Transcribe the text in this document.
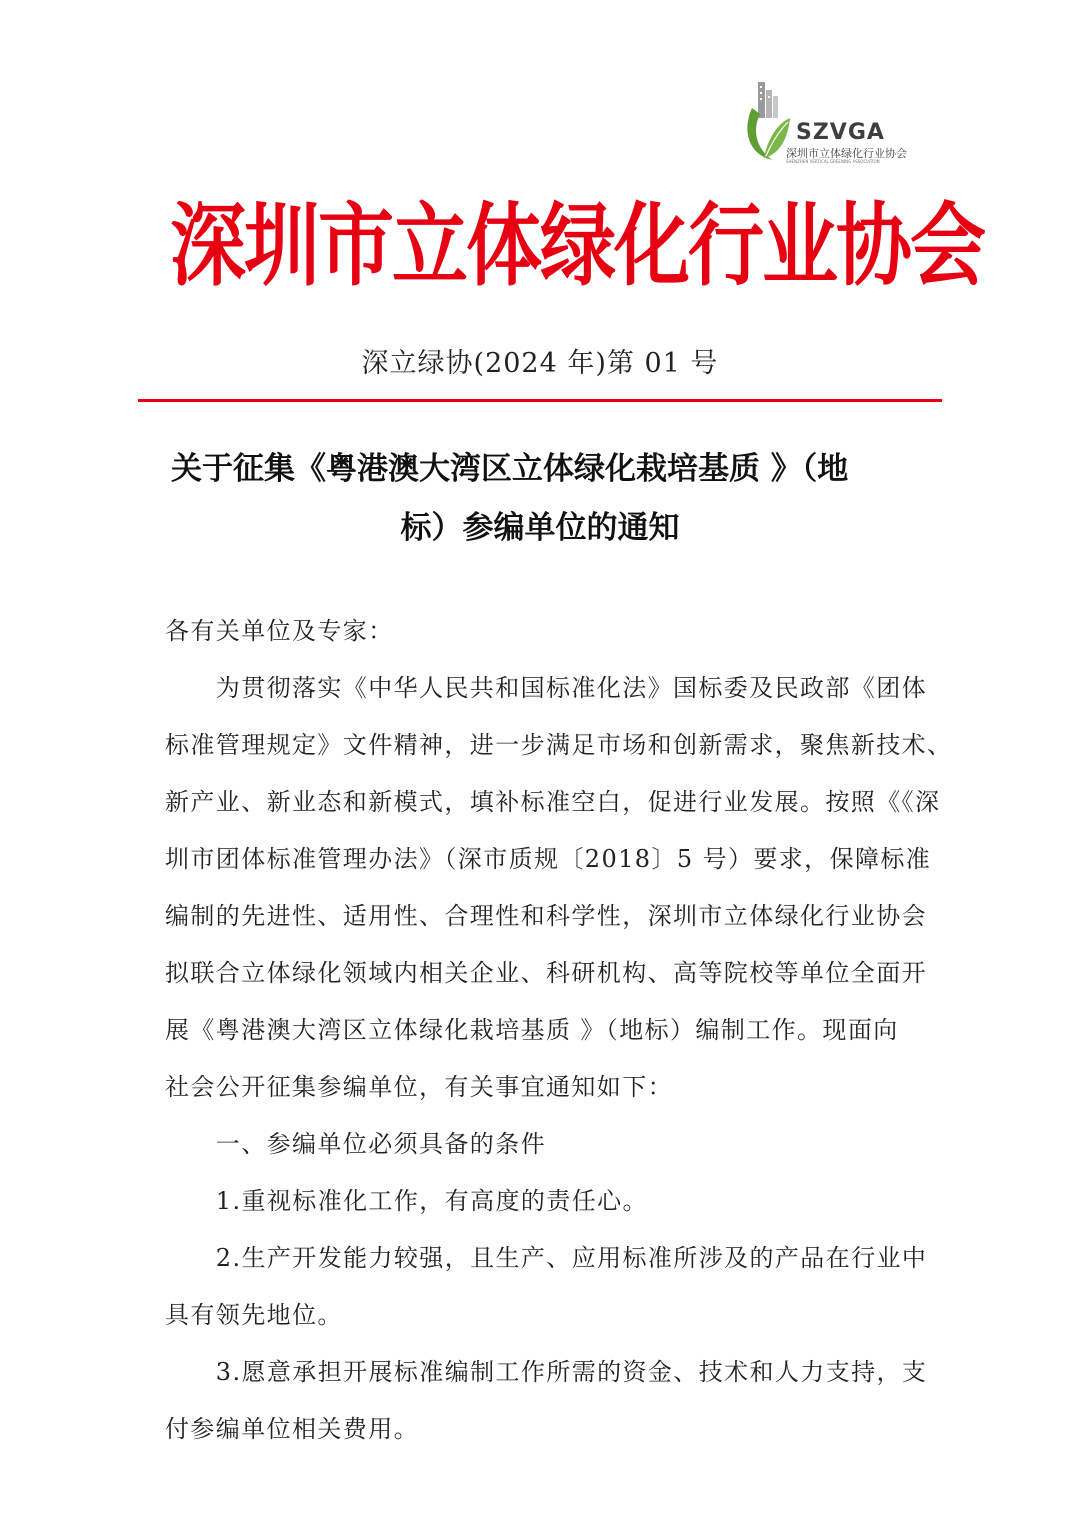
SZVGA
深圳市立体绿化行业协会
SHENZHEN VERTICAL GREENING ASSOCIATION
深圳市立体绿化行业协会
深立绿协(2024 年)第 01 号
关于征集《粤港澳大湾区立体绿化栽培基质 》（地
标）参编单位的通知
各有关单位及专家：
　　为贯彻落实《中华人民共和国标准化法》国标委及民政部《团体
标准管理规定》文件精神，进一步满足市场和创新需求，聚焦新技术、
新产业、新业态和新模式，填补标准空白，促进行业发展。按照《《深
圳市团体标准管理办法》（深市质规〔2018〕5 号）要求，保障标准
编制的先进性、适用性、合理性和科学性，深圳市立体绿化行业协会
拟联合立体绿化领域内相关企业、科研机构、高等院校等单位全面开
展《粤港澳大湾区立体绿化栽培基质 》（地标）编制工作。现面向
社会公开征集参编单位，有关事宜通知如下：
　　一、参编单位必须具备的条件
　　1.重视标准化工作，有高度的责任心。
　　2.生产开发能力较强，且生产、应用标准所涉及的产品在行业中
具有领先地位。
　　3.愿意承担开展标准编制工作所需的资金、技术和人力支持，支
付参编单位相关费用。
